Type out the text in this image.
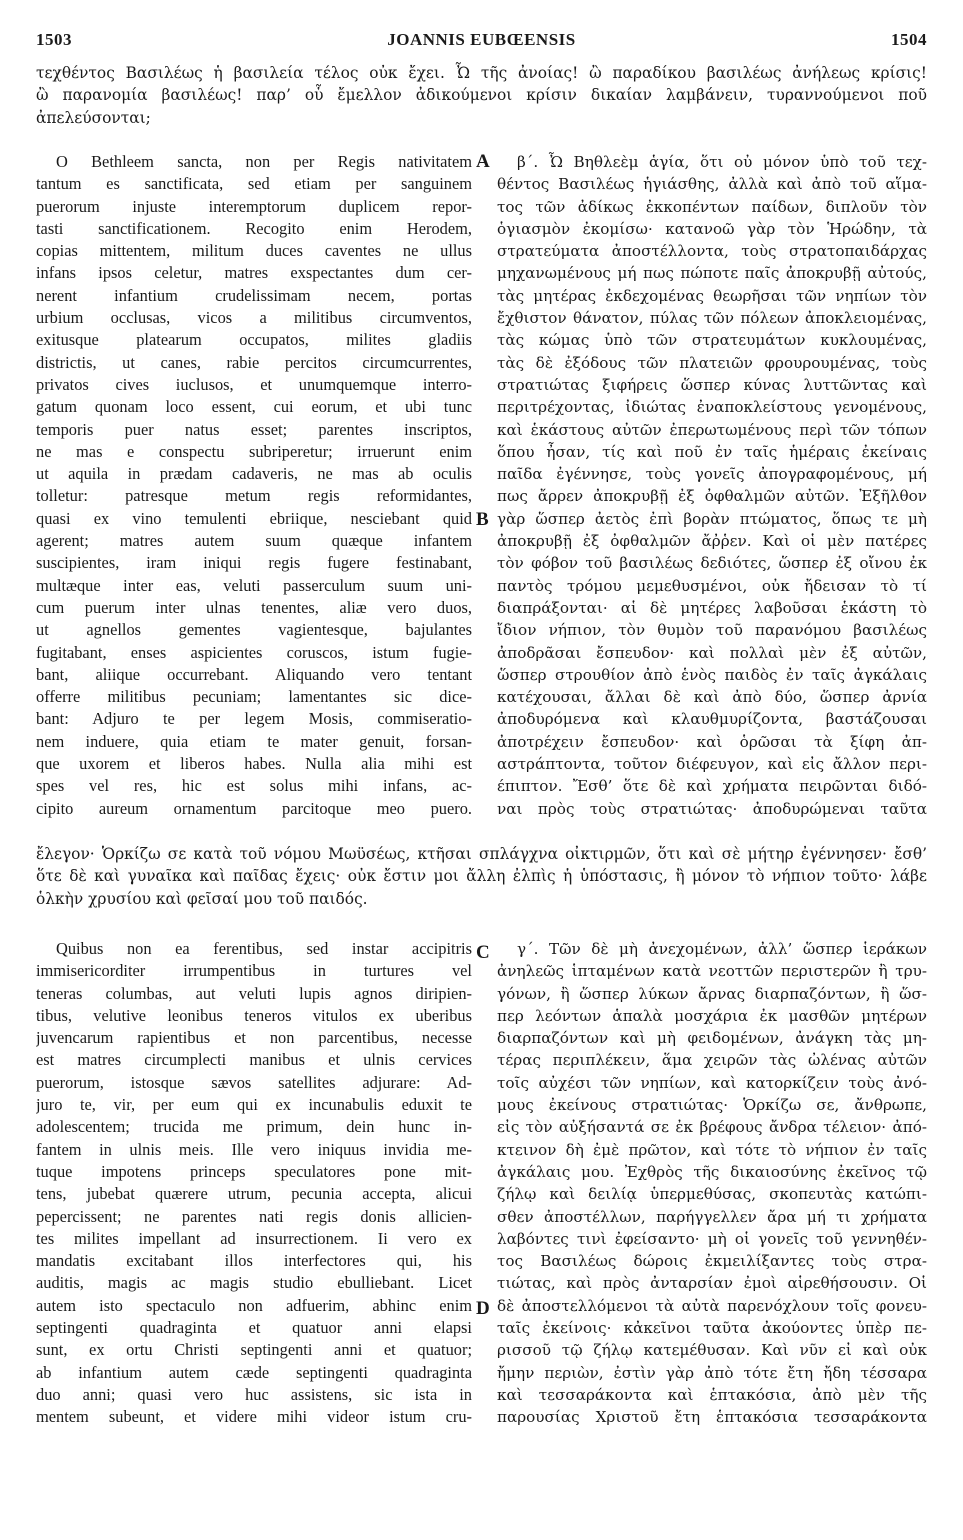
1503	JOANNIS EUBŒENSIS	1504
τεχθέντος Βασιλέως ἡ βασιλεία τέλος οὐκ ἔχει. Ὦ τῆς ἀνοίας! ὢ παραδίκου βασιλέως ἀνήλεως κρίσις!
ὢ παρανομία βασιλέως! παρ’ οὗ ἔμελλον ἀδικούμενοι κρίσιν δικαίαν λαμβάνειν, τυραννούμενοι ποῦ
ἀπελεύσονται;
O Bethleem sancta, non per Regis nativitatem
tantum es sanctificata, sed etiam per sanguinem
puerorum injuste interemptorum duplicem repor-
tasti sanctificationem. Recogito enim Herodem,
copias mittentem, militum duces caventes ne ullus
infans ipsos celetur, matres exspectantes dum cer-
nerent infantium crudelissimam necem, portas
urbium occlusas, vicos a militibus circumventos,
exitusque platearum occupatos, milites gladiis
districtis, ut canes, rabie percitos circumcurrentes,
privatos cives iuclusos, et unumquemque interro-
gatum quonam loco essent, cui eorum, et ubi tunc
temporis puer natus esset; parentes inscriptos,
ne mas e conspectu subriperetur; irruerunt enim
ut aquila in prædam cadaveris, ne mas ab oculis
tolletur: patresque metum regis reformidantes,
quasi ex vino temulenti ebriique, nesciebant quid
agerent; matres autem suum quæque infantem
suscipientes, iram iniqui regis fugere festinabant,
multæque inter eas, veluti passerculum suum uni-
cum puerum inter ulnas tenentes, aliæ vero duos,
ut agnellos gementes vagientesque, bajulantes
fugitabant, enses aspicientes coruscos, istum fugie-
bant, aliique occurrebant. Aliquando vero tentant
offerre militibus pecuniam; lamentantes sic dice-
bant: Adjuro te per legem Mosis, commiseratio-
nem induere, quia etiam te mater genuit, forsan-
que uxorem et liberos habes. Nulla alia mihi est
spes vel res, hic est solus mihi infans, ac-
cipito aureum ornamentum parcitoque meo puero.
β΄. Ὦ Βηθλεὲμ ἁγία, ὅτι οὐ μόνον ὑπὸ τοῦ τεχ-
θέντος Βασιλέως ἡγιάσθης, ἀλλὰ καὶ ἀπὸ τοῦ αἵμα-
τος τῶν ἀδίκως ἐκκοπέντων παίδων, διπλοῦν τὸν
ὁγιασμὸν ἐκομίσω· κατανοῶ γὰρ τὸν Ἡρώδην, τὰ
στρατεύματα ἀποστέλλοντα, τοὺς στρατοπαιδάρχας
μηχανωμένους μή πως πώποτε παῖς ἀποκρυβῇ αὐτούς,
τὰς μητέρας ἐκδεχομένας θεωρῆσαι τῶν νηπίων τὸν
ἔχθιστον θάνατον, πύλας τῶν πόλεων ἀποκλειομένας,
τὰς κώμας ὑπὸ τῶν στρατευμάτων κυκλουμένας,
τὰς δὲ ἐξόδους τῶν πλατειῶν φρουρουμένας, τοὺς
στρατιώτας ξιφήρεις ὥσπερ κύνας λυττῶντας καὶ
περιτρέχοντας, ἰδιώτας ἐναποκλείστους γενομένους,
καὶ ἑκάστους αὐτῶν ἐπερωτωμένους περὶ τῶν τόπων
ὅπου ἦσαν, τίς καὶ ποῦ ἐν ταῖς ἡμέραις ἐκείναις
παῖδα ἐγέννησε, τοὺς γονεῖς ἀπογραφομένους, μή
πως ἄρρεν ἀποκρυβῇ ἐξ ὀφθαλμῶν αὐτῶν. Ἐξῆλθον
γὰρ ὥσπερ ἀετὸς ἐπὶ βορὰν πτώματος, ὅπως τε μὴ
ἀποκρυβῇ ἐξ ὀφθαλμῶν ἄῤῥεν. Καὶ οἱ μὲν πατέρες
τὸν φόβον τοῦ βασιλέως δεδιότες, ὥσπερ ἐξ οἴνου ἐκ
παντὸς τρόμου μεμεθυσμένοι, οὐκ ἤδεισαν τὸ τί
διαπράξονται· αἱ δὲ μητέρες λαβοῦσαι ἑκάστη τὸ
ἴδιον νήπιον, τὸν θυμὸν τοῦ παρανόμου βασιλέως
ἀποδρᾶσαι ἔσπευδον· καὶ πολλαὶ μὲν ἐξ αὐτῶν,
ὥσπερ στρουθίον ἀπὸ ἑνὸς παιδὸς ἐν ταῖς ἀγκάλαις
κατέχουσαι, ἄλλαι δὲ καὶ ἀπὸ δύο, ὥσπερ ἀρνία
ἀποδυρόμενα καὶ κλαυθμυρίζοντα, βαστάζουσαι
ἀποτρέχειν ἔσπευδον· καὶ ὁρῶσαι τὰ ξίφη ἀπ-
αστράπτοντα, τοῦτον διέφευγον, καὶ εἰς ἄλλον περι-
έπιπτον. Ἔσθ’ ὅτε δὲ καὶ χρήματα πειρῶνται διδό-
ναι πρὸς τοὺς στρατιώτας· ἀποδυρώμεναι ταῦτα
A
B
ἔλεγον· Ὁρκίζω σε κατὰ τοῦ νόμου Μωϋσέως, κτῆσαι σπλάγχνα οἰκτιρμῶν, ὅτι καὶ σὲ μήτηρ ἐγέννησεν· ἔσθ’
ὅτε δὲ καὶ γυναῖκα καὶ παῖδας ἔχεις· οὐκ ἔστιν μοι ἄλλη ἐλπὶς ἡ ὑπόστασις, ἢ μόνον τὸ νήπιον τοῦτο· λάβε
ὁλκὴν χρυσίου καὶ φεῖσαί μου τοῦ παιδός.
Quibus non ea ferentibus, sed instar accipitris
immisericorditer irrumpentibus in turtures vel
teneras columbas, aut veluti lupis agnos diripien-
tibus, velutive leonibus teneros vitulos ex uberibus
juvencarum rapientibus et non parcentibus, necesse
est matres circumplecti manibus et ulnis cervices
puerorum, istosque sævos satellites adjurare: Ad-
juro te, vir, per eum qui ex incunabulis eduxit te
adolescentem; trucida me primum, dein hunc in-
fantem in ulnis meis. Ille vero iniquus invidia me-
tuque impotens princeps speculatores pone mit-
tens, jubebat quærere utrum, pecunia accepta, alicui
pepercissent; ne parentes nati regis donis allicien-
tes milites impellant ad insurrectionem. Ii vero ex
mandatis excitabant illos interfectores qui, his
auditis, magis ac magis studio ebulliebant. Licet
autem isto spectaculo non adfuerim, abhinc enim
septingenti quadraginta et quatuor anni elapsi
sunt, ex ortu Christi septingenti anni et quatuor;
ab infantium autem cæde septingenti quadraginta
duo anni; quasi vero huc assistens, sic ista in
mentem subeunt, et videre mihi videor istum cru-
γ΄. Τῶν δὲ μὴ ἀνεχομένων, ἀλλ’ ὥσπερ ἱεράκων
ἀνηλεῶς ἱπταμένων κατὰ νεοττῶν περιστερῶν ἢ τρυ-
γόνων, ἢ ὥσπερ λύκων ἄρνας διαρπαζόντων, ἢ ὥσ-
περ λεόντων ἁπαλὰ μοσχάρια ἐκ μασθῶν μητέρων
διαρπαζόντων καὶ μὴ φειδομένων, ἀνάγκη τὰς μη-
τέρας περιπλέκειν, ἅμα χειρῶν τὰς ὠλένας αὐτῶν
τοῖς αὐχέσι τῶν νηπίων, καὶ κατορκίζειν τοὺς ἀνό-
μους ἐκείνους στρατιώτας· Ὁρκίζω σε, ἄνθρωπε,
εἰς τὸν αὐξήσαντά σε ἐκ βρέφους ἄνδρα τέλειον· ἀπό-
κτεινον δὴ ἐμὲ πρῶτον, καὶ τότε τὸ νήπιον ἐν ταῖς
ἀγκάλαις μου. Ἐχθρὸς τῆς δικαιοσύνης ἐκεῖνος τῷ
ζήλῳ καὶ δειλίᾳ ὑπερμεθύσας, σκοπευτὰς κατώπι-
σθεν ἀποστέλλων, παρήγγελλεν ἄρα μή τι χρήματα
λαβόντες τινὶ ἐφείσαντο· μὴ οἱ γονεῖς τοῦ γεννηθέν-
τος Βασιλέως δώροις ἐκμειλίξαντες τοὺς στρα-
τιώτας, καὶ πρὸς ἀνταρσίαν ἐμοὶ αἱρεθήσουσιν. Οἱ
δὲ ἀποστελλόμενοι τὰ αὐτὰ παρενόχλουν τοῖς φονευ-
ταῖς ἐκείνοις· κἀκεῖνοι ταῦτα ἀκούοντες ὑπὲρ πε-
ρισσοῦ τῷ ζήλῳ κατεμέθυσαν. Καὶ νῦν εἰ καὶ οὐκ
ἤμην περιὼν, ἐστὶν γὰρ ἀπὸ τότε ἔτη ἤδη τέσσαρα
καὶ τεσσαράκοντα καὶ ἑπτακόσια, ἀπὸ μὲν τῆς
παρουσίας Χριστοῦ ἔτη ἑπτακόσια τεσσαράκοντα
C
D
